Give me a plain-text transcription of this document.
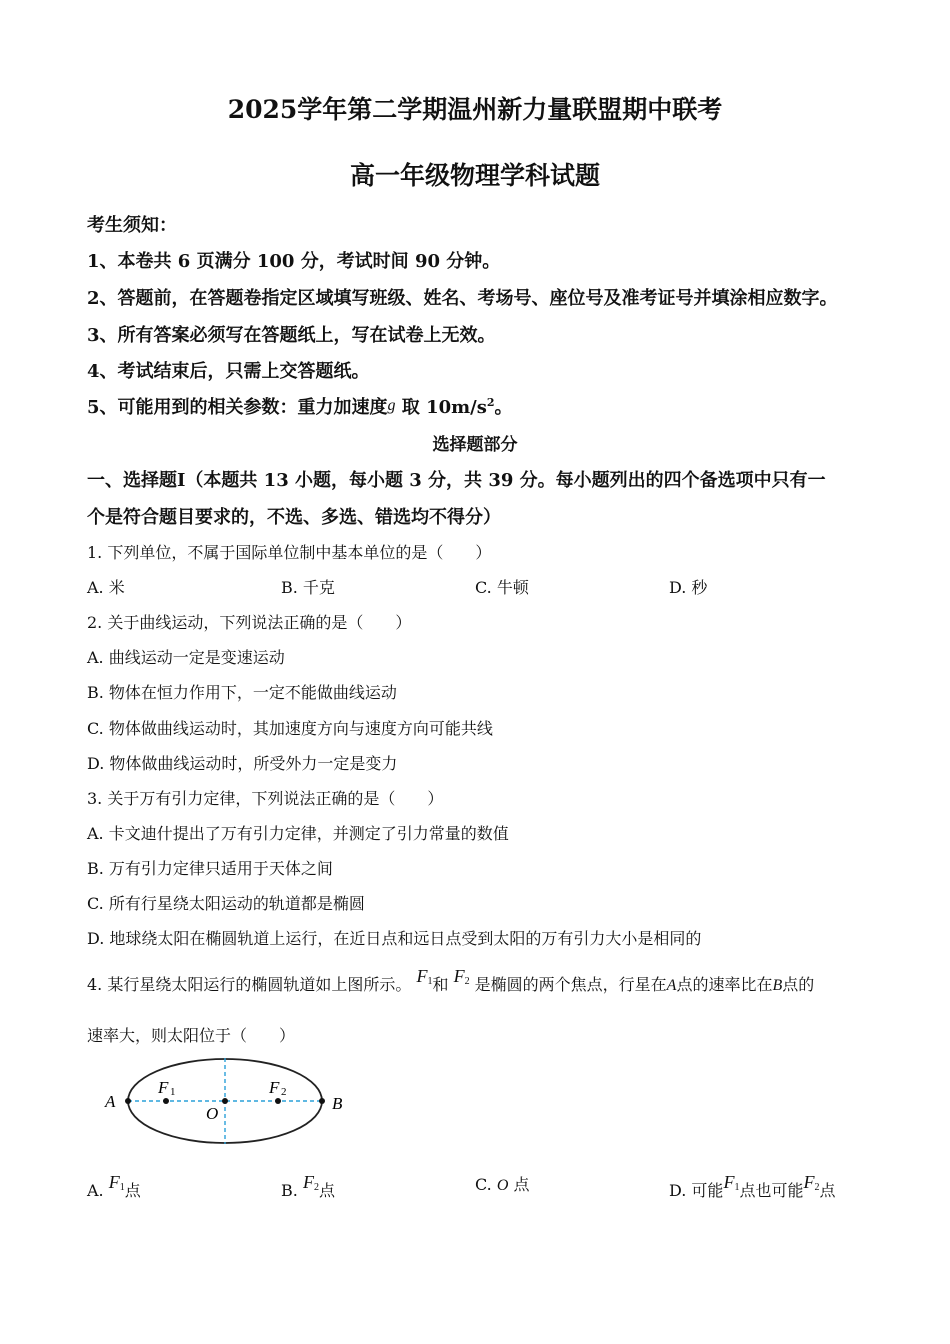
2025学年第二学期温州新力量联盟期中联考
高一年级物理学科试题
考生须知：
1、本卷共 6 页满分 100 分，考试时间 90 分钟。
2、答题前，在答题卷指定区域填写班级、姓名、考场号、座位号及准考证号并填涂相应数字。
3、所有答案必须写在答题纸上，写在试卷上无效。
4、考试结束后，只需上交答题纸。
5、可能用到的相关参数：重力加速度g 取 $10m/s^2$。
选择题部分
一、选择题Ⅰ（本题共 13 小题，每小题 3 分，共 39 分。每小题列出的四个备选项中只有一
个是符合题目要求的，不选、多选、错选均不得分）
1. 下列单位，不属于国际单位制中基本单位的是（　　）
A. 米	B. 千克	C. 牛顿	D. 秒
2. 关于曲线运动，下列说法正确的是（　　）
A. 曲线运动一定是变速运动
B. 物体在恒力作用下，一定不能做曲线运动
C. 物体做曲线运动时，其加速度方向与速度方向可能共线
D. 物体做曲线运动时，所受外力一定是变力
3. 关于万有引力定律，下列说法正确的是（　　）
A. 卡文迪什提出了万有引力定律，并测定了引力常量的数值
B. 万有引力定律只适用于天体之间
C. 所有行星绕太阳运动的轨道都是椭圆
D. 地球绕太阳在椭圆轨道上运行，在近日点和远日点受到太阳的万有引力大小是相同的
4. 某行星绕太阳运行的椭圆轨道如上图所示。 $F_1$和 $F_2$ 是椭圆的两个焦点，行星在A点的速率比在B点的
速率大，则太阳位于（　　）
A	B
O
F 1	F 2
A. $F_1$点	B. $F_2$点	C. O 点	D. 可能$F_1$点也可能$F_2$点
